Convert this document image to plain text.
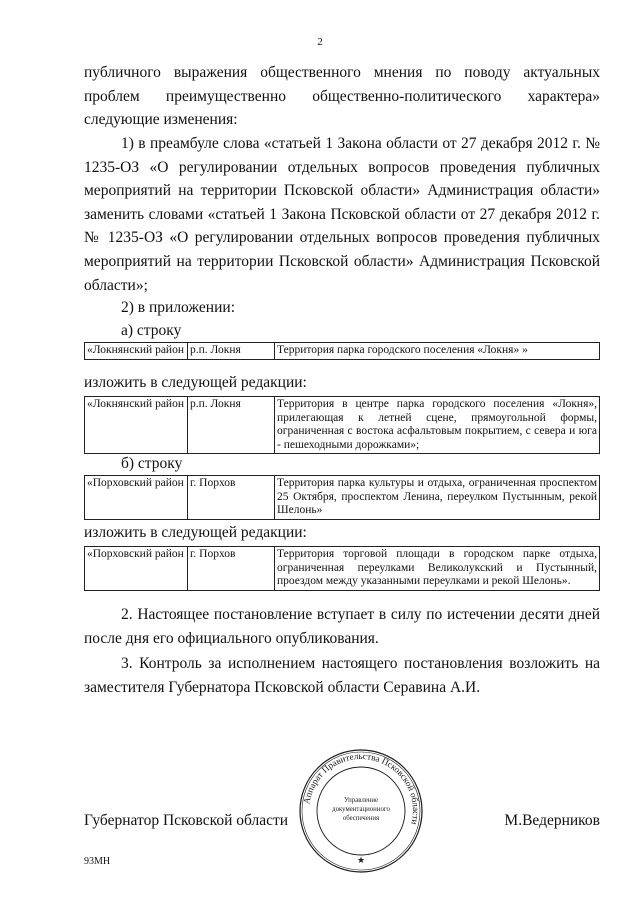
2
публичного выражения общественного мнения по поводу актуальных проблем преимущественно общественно-политического характера» следующие изменения:
1) в преамбуле слова «статьей 1 Закона области от 27 декабря 2012 г. № 1235-ОЗ «О регулировании отдельных вопросов проведения публичных мероприятий на территории Псковской области» Администрация области» заменить словами «статьей 1 Закона Псковской области от 27 декабря 2012 г. № 1235-ОЗ «О регулировании отдельных вопросов проведения публичных мероприятий на территории Псковской области» Администрация Псковской области»;
2) в приложении:
а) строку
«Локнянский район	р.п. Локня	Территория парка городского поселения «Локня» »
изложить в следующей редакции:
«Локнянский район	р.п. Локня	Территория в центре парка городского поселения «Локня», прилегающая к летней сцене, прямоугольной формы, ограниченная с востока асфальтовым покрытием, с севера и юга - пешеходными дорожками»;
б) строку
«Порховский район	г. Порхов	Территория парка культуры и отдыха, ограниченная проспектом 25 Октября, проспектом Ленина, переулком Пустынным, рекой Шелонь»
изложить в следующей редакции:
«Порховский район	г. Порхов	Территория торговой площади в городском парке отдыха, ограниченная переулками Великолукский и Пустынный, проездом между указанными переулками и рекой Шелонь».
2. Настоящее постановление вступает в силу по истечении десяти дней после дня его официального опубликования.
3. Контроль за исполнением настоящего постановления возложить на заместителя Губернатора Псковской области Серавина А.И.
Аппарат Правительства Псковской области
Управление
документационного
обеспечения
★
Губернатор Псковской области	М.Ведерников
93МН
